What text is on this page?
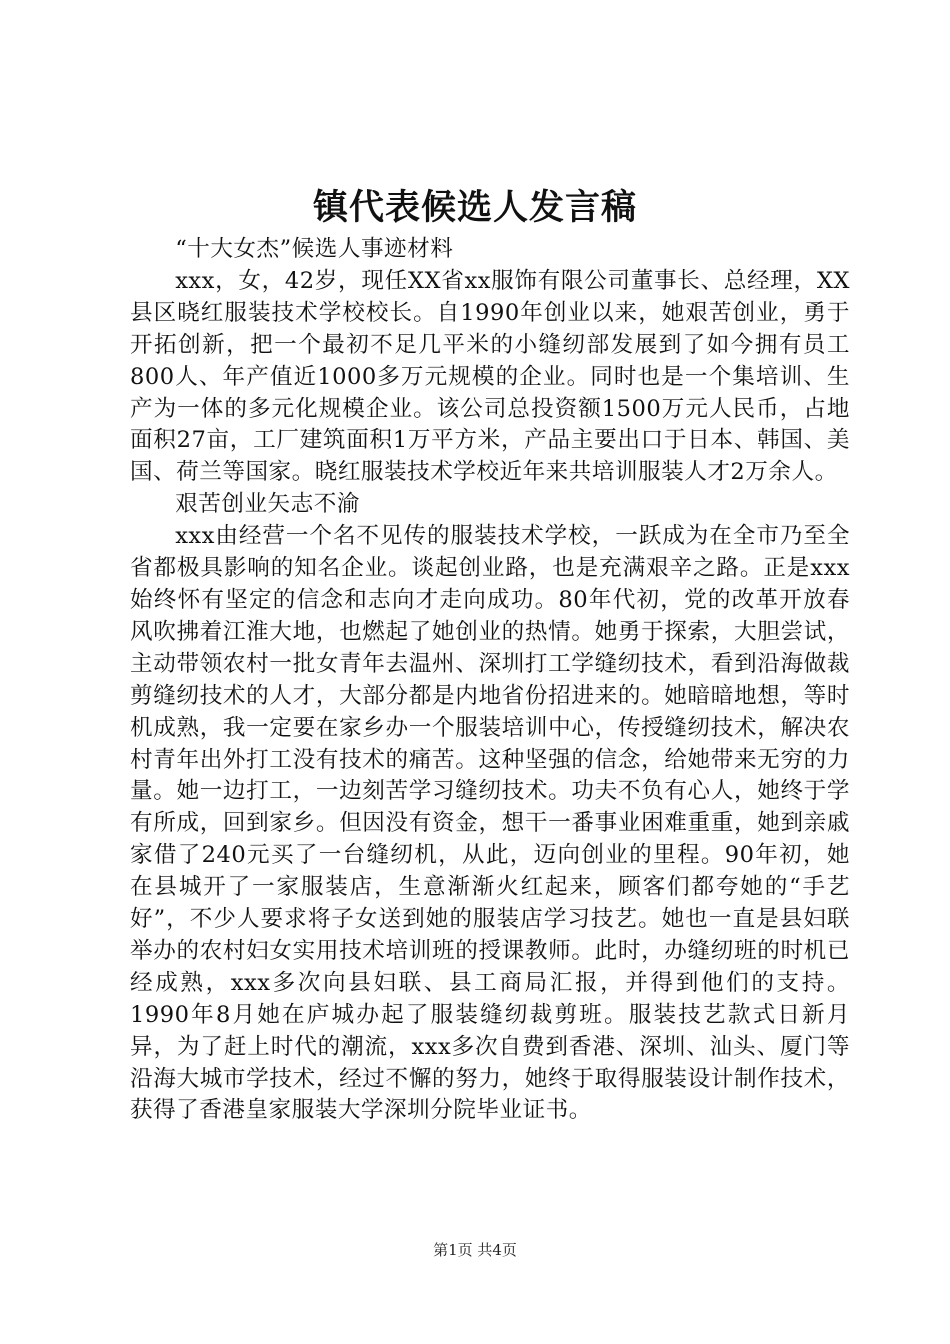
镇代表候选人发言稿

“十大女杰”候选人事迹材料

xxx，女，42岁，现任XX省xx服饰有限公司董事长、总经理，XX县区晓红服装技术学校校长。自1990年创业以来，她艰苦创业，勇于开拓创新，把一个最初不足几平米的小缝纫部发展到了如今拥有员工800人、年产值近1000多万元规模的企业。同时也是一个集培训、生产为一体的多元化规模企业。该公司总投资额1500万元人民币，占地面积27亩，工厂建筑面积1万平方米，产品主要出口于日本、韩国、美国、荷兰等国家。晓红服装技术学校近年来共培训服装人才2万余人。

艰苦创业矢志不渝

xxx由经营一个名不见传的服装技术学校，一跃成为在全市乃至全省都极具影响的知名企业。谈起创业路，也是充满艰辛之路。正是xxx始终怀有坚定的信念和志向才走向成功。80年代初，党的改革开放春风吹拂着江淮大地，也燃起了她创业的热情。她勇于探索，大胆尝试，主动带领农村一批女青年去温州、深圳打工学缝纫技术，看到沿海做裁剪缝纫技术的人才，大部分都是内地省份招进来的。她暗暗地想，等时机成熟，我一定要在家乡办一个服装培训中心，传授缝纫技术，解决农村青年出外打工没有技术的痛苦。这种坚强的信念，给她带来无穷的力量。她一边打工，一边刻苦学习缝纫技术。功夫不负有心人，她终于学有所成，回到家乡。但因没有资金，想干一番事业困难重重，她到亲戚家借了240元买了一台缝纫机，从此，迈向创业的里程。90年初，她在县城开了一家服装店，生意渐渐火红起来，顾客们都夸她的“手艺好”，不少人要求将子女送到她的服装店学习技艺。她也一直是县妇联举办的农村妇女实用技术培训班的授课教师。此时，办缝纫班的时机已经成熟，xxx多次向县妇联、县工商局汇报，并得到他们的支持。1990年8月她在庐城办起了服装缝纫裁剪班。服装技艺款式日新月异，为了赶上时代的潮流，xxx多次自费到香港、深圳、汕头、厦门等沿海大城市学技术，经过不懈的努力，她终于取得服装设计制作技术，获得了香港皇家服装大学深圳分院毕业证书。

第1页 共4页
